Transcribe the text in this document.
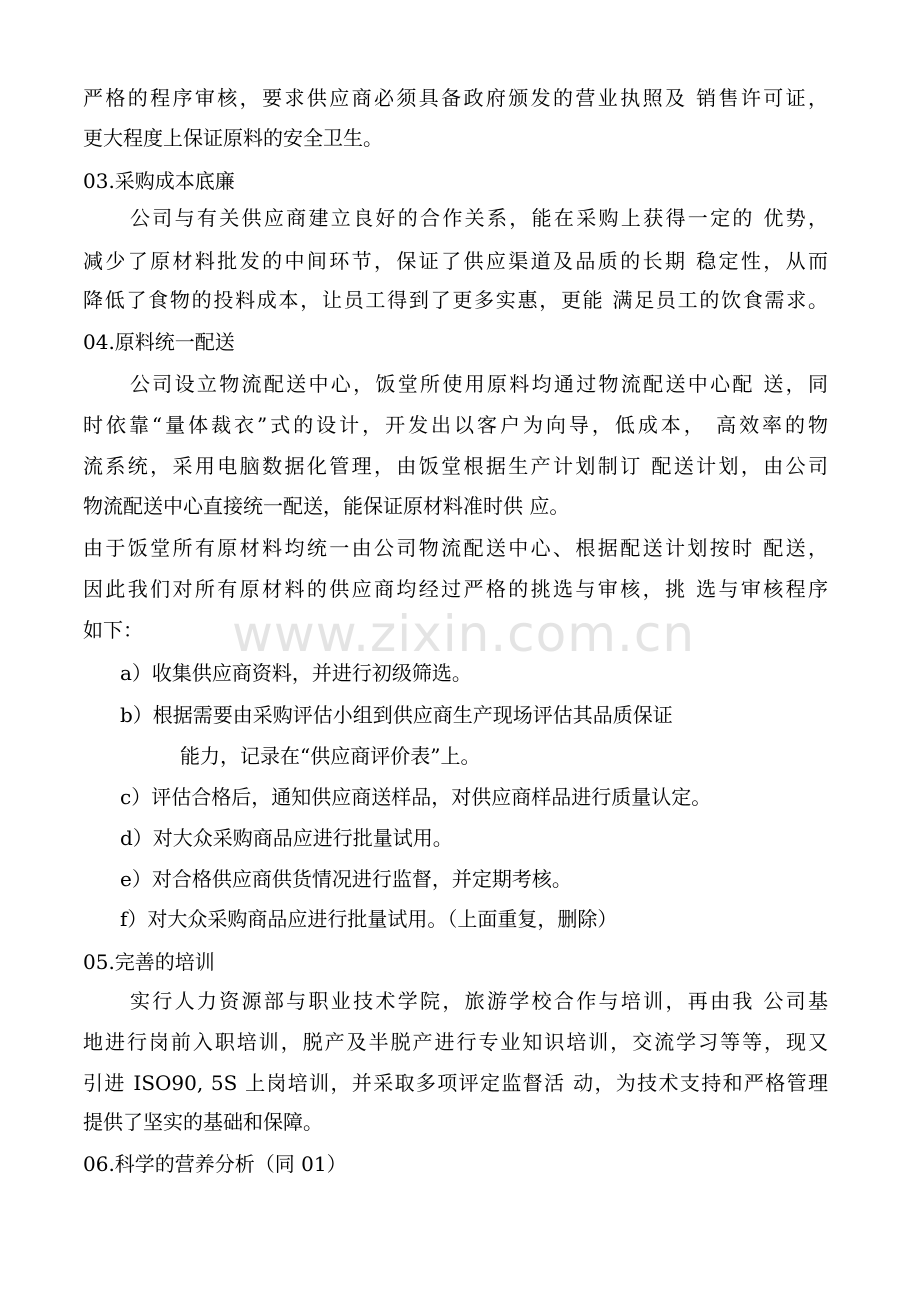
www.zixin.com.cn
严格的程序审核，要求供应商必须具备政府颁发的营业执照及 销售许可证，
更大程度上保证原料的安全卫生。
03.采购成本底廉
公司与有关供应商建立良好的合作关系，能在采购上获得一定的 优势，
减少了原材料批发的中间环节，保证了供应渠道及品质的长期 稳定性，从而
降低了食物的投料成本，让员工得到了更多实惠，更能 满足员工的饮食需求。
04.原料统一配送
公司设立物流配送中心，饭堂所使用原料均通过物流配送中心配 送，同
时依靠“量体裁衣”式的设计，开发出以客户为向导，低成本， 高效率的物
流系统，采用电脑数据化管理，由饭堂根据生产计划制订 配送计划，由公司
物流配送中心直接统一配送，能保证原材料准时供 应。
由于饭堂所有原材料均统一由公司物流配送中心、根据配送计划按时 配送，
因此我们对所有原材料的供应商均经过严格的挑选与审核，挑 选与审核程序
如下：
a）收集供应商资料，并进行初级筛选。
b）根据需要由采购评估小组到供应商生产现场评估其品质保证
能力，记录在“供应商评价表”上。
c）评估合格后，通知供应商送样品，对供应商样品进行质量认定。
d）对大众采购商品应进行批量试用。
e）对合格供应商供货情况进行监督，并定期考核。
f）对大众采购商品应进行批量试用。（上面重复，删除）
05.完善的培训
实行人力资源部与职业技术学院，旅游学校合作与培训，再由我 公司基
地进行岗前入职培训，脱产及半脱产进行专业知识培训，交流学习等等，现又
引进 ISO90, 5S 上岗培训，并采取多项评定监督活 动，为技术支持和严格管理
提供了坚实的基础和保障。
06.科学的营养分析（同 01）
